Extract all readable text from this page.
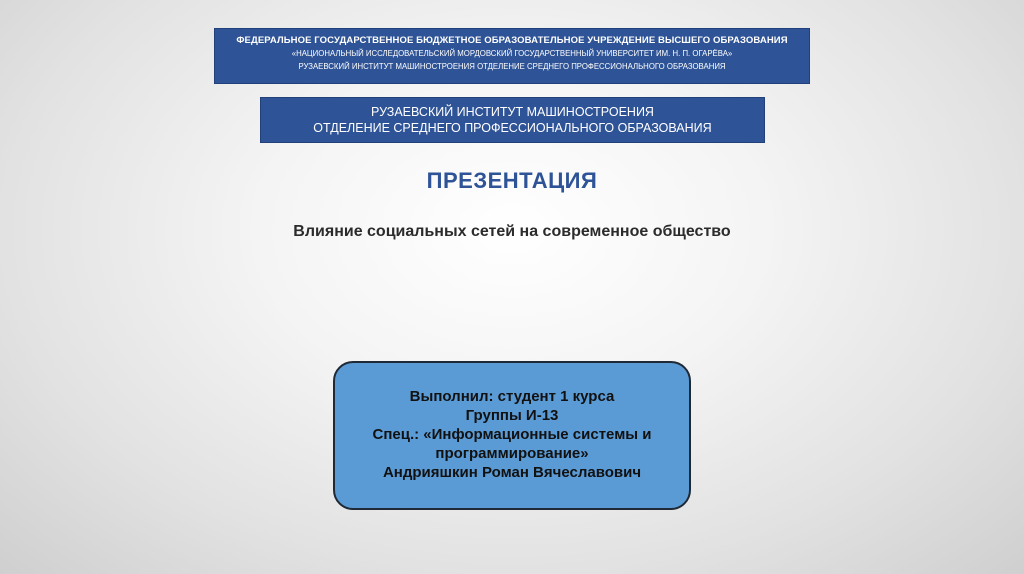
ФЕДЕРАЛЬНОЕ ГОСУДАРСТВЕННОЕ БЮДЖЕТНОЕ ОБРАЗОВАТЕЛЬНОЕ УЧРЕЖДЕНИЕ ВЫСШЕГО ОБРАЗОВАНИЯ
«НАЦИОНАЛЬНЫЙ ИССЛЕДОВАТЕЛЬСКИЙ МОРДОВСКИЙ ГОСУДАРСТВЕННЫЙ УНИВЕРСИТЕТ ИМ. Н. П. ОГАРЁВА»
РУЗАЕВСКИЙ ИНСТИТУТ МАШИНОСТРОЕНИЯ ОТДЕЛЕНИЕ СРЕДНЕГО ПРОФЕССИОНАЛЬНОГО ОБРАЗОВАНИЯ
РУЗАЕВСКИЙ ИНСТИТУТ МАШИНОСТРОЕНИЯ
ОТДЕЛЕНИЕ СРЕДНЕГО ПРОФЕССИОНАЛЬНОГО ОБРАЗОВАНИЯ
ПРЕЗЕНТАЦИЯ
Влияние социальных сетей на современное общество
Выполнил: студент 1 курса
Группы И-13
Спец.: «Информационные системы и
программирование»
Андрияшкин Роман Вячеславович
